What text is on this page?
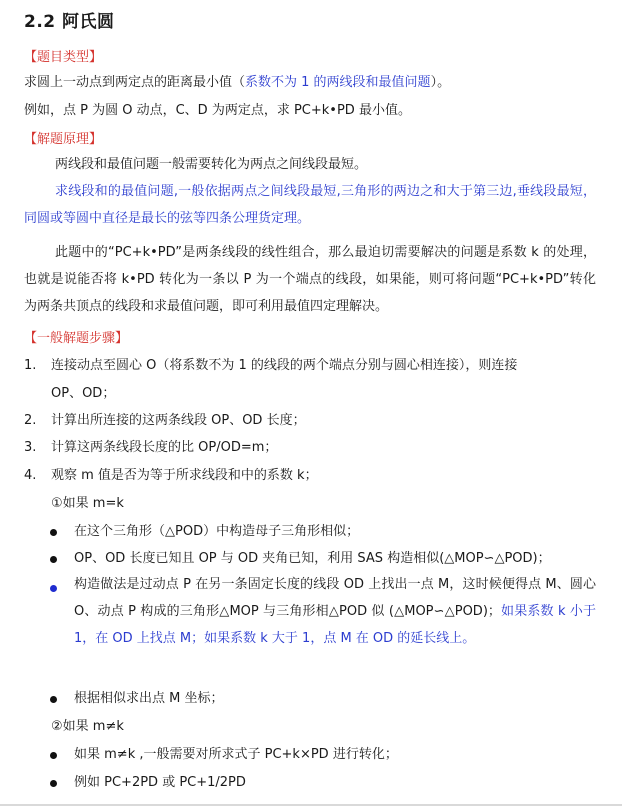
2.2 阿氏圆
【题目类型】
求圆上一动点到两定点的距离最小值（系数不为 1 的两线段和最值问题）。
例如，点 P 为圆 O 动点，C、D 为两定点，求 PC+k•PD 最小值。
【解题原理】
两线段和最值问题一般需要转化为两点之间线段最短。
求线段和的最值问题,一般依据两点之间线段最短,三角形的两边之和大于第三边,垂线段最短，同圆或等圆中直径是最长的弦等四条公理货定理。
此题中的“PC+k•PD”是两条线段的线性组合，那么最迫切需要解决的问题是系数 k 的处理，也就是说能否将 k•PD 转化为一条以 P 为一个端点的线段，如果能，则可将问题“PC+k•PD”转化为两条共顶点的线段和求最值问题，即可利用最值四定理解决。
【一般解题步骤】
1. 连接动点至圆心 O（将系数不为 1 的线段的两个端点分别与圆心相连接），则连接
OP、OD；
2. 计算出所连接的这两条线段 OP、OD 长度；
3. 计算这两条线段长度的比 OP/OD=m；
4. 观察 m 值是否为等于所求线段和中的系数 k；
①如果 m=k
在这个三角形（△POD）中构造母子三角形相似；
OP、OD 长度已知且 OP 与 OD 夹角已知，利用 SAS 构造相似(△MOP∽△POD)；
构造做法是过动点 P 在另一条固定长度的线段 OD 上找出一点 M，这时候便得点 M、圆心 O、动点 P 构成的三角形△MOP 与三角形相△POD 似 (△MOP∽△POD)；如果系数 k 小于 1，在 OD 上找点 M；如果系数 k 大于 1，点 M 在 OD 的延长线上。
根据相似求出点 M 坐标；
②如果 m≠k
如果 m≠k ,一般需要对所求式子 PC+k×PD 进行转化；
例如 PC+2PD 或 PC+1/2PD
